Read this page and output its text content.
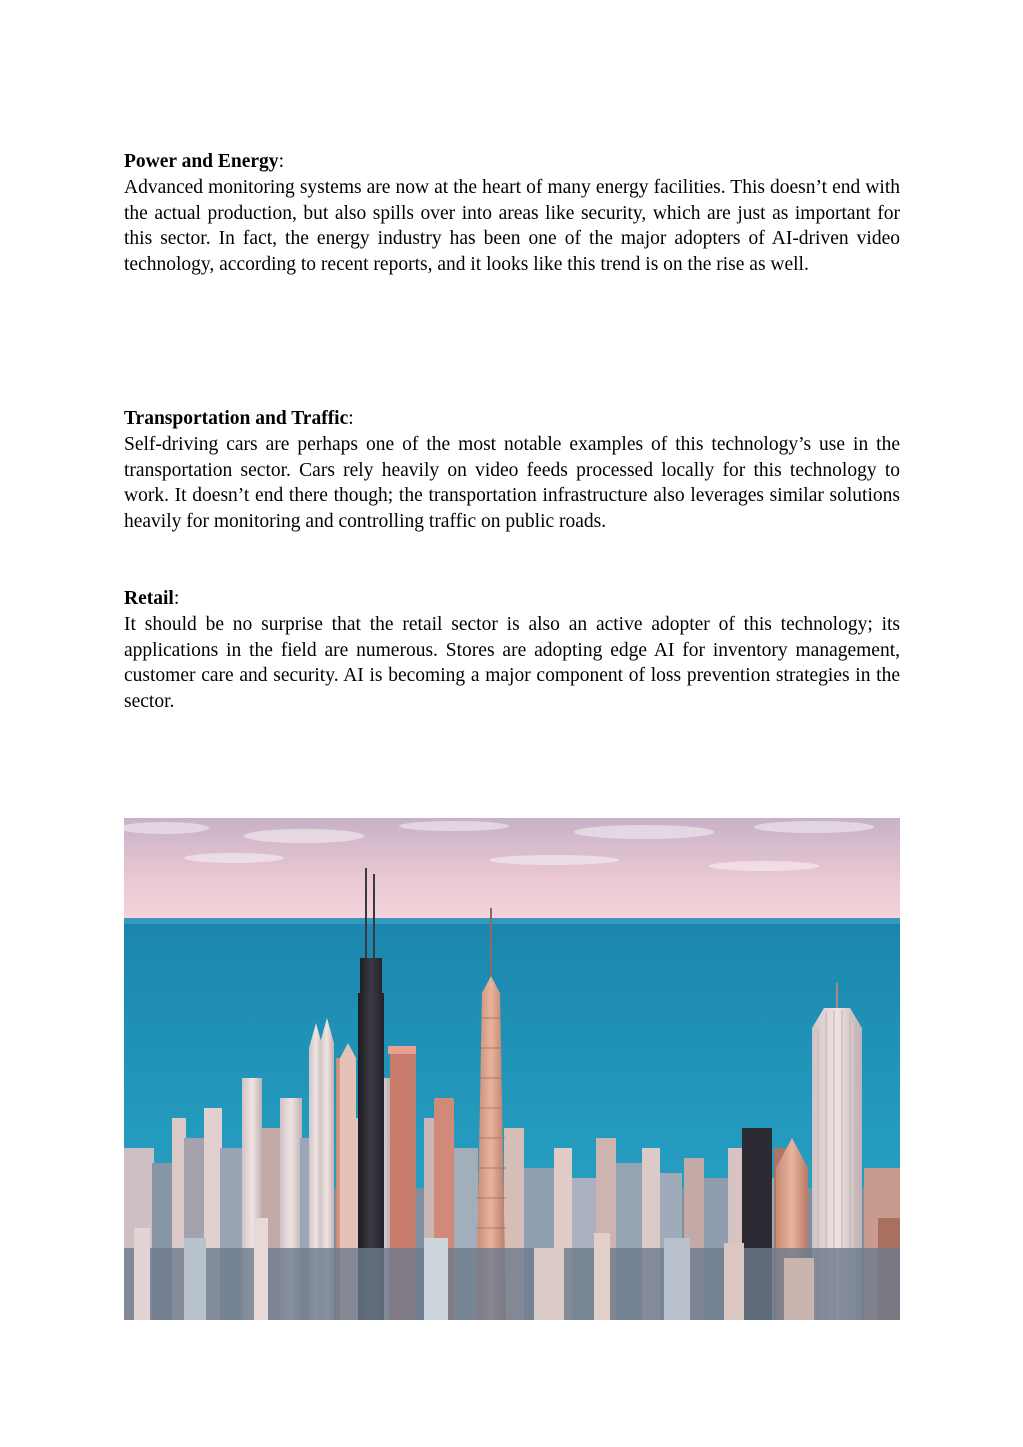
Power and Energy:
Advanced monitoring systems are now at the heart of many energy facilities. This doesn’t end with the actual production, but also spills over into areas like security, which are just as important for this sector. In fact, the energy industry has been one of the major adopters of AI-driven video technology, according to recent reports, and it looks like this trend is on the rise as well.
Transportation and Traffic:
Self-driving cars are perhaps one of the most notable examples of this technology’s use in the transportation sector. Cars rely heavily on video feeds processed locally for this technology to work. It doesn’t end there though; the transportation infrastructure also leverages similar solutions heavily for monitoring and controlling traffic on public roads.
Retail:
It should be no surprise that the retail sector is also an active adopter of this technology; its applications in the field are numerous. Stores are adopting edge AI for inventory management, customer care and security. AI is becoming a major component of loss prevention strategies in the sector.
